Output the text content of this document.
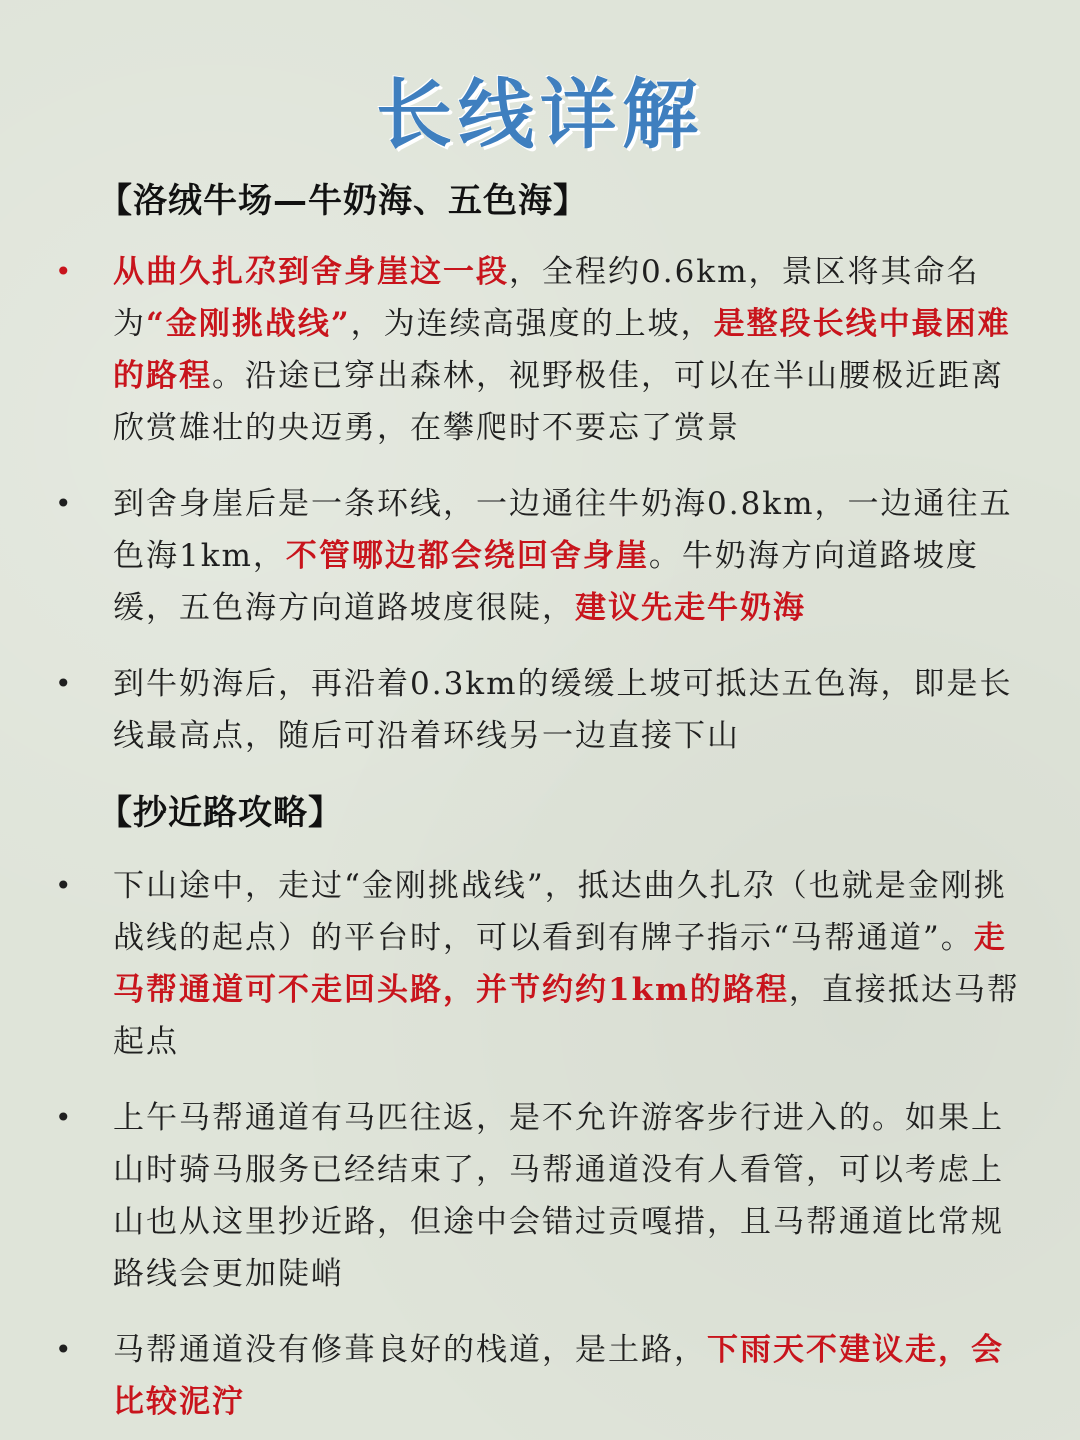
长线详解
【洛绒牛场—牛奶海、五色海】
•	从曲久扎尕到舍身崖这一段，全程约0.6km，景区将其命名为“金刚挑战线”，为连续高强度的上坡，是整段长线中最困难的路程。沿途已穿出森林，视野极佳，可以在半山腰极近距离欣赏雄壮的央迈勇，在攀爬时不要忘了赏景
•	到舍身崖后是一条环线，一边通往牛奶海0.8km，一边通往五色海1km，不管哪边都会绕回舍身崖。牛奶海方向道路坡度缓，五色海方向道路坡度很陡，建议先走牛奶海
•	到牛奶海后，再沿着0.3km的缓缓上坡可抵达五色海，即是长线最高点，随后可沿着环线另一边直接下山
【抄近路攻略】
•	下山途中，走过“金刚挑战线”，抵达曲久扎尕（也就是金刚挑战线的起点）的平台时，可以看到有牌子指示“马帮通道”。走马帮通道可不走回头路，并节约约1km的路程，直接抵达马帮起点
•	上午马帮通道有马匹往返，是不允许游客步行进入的。如果上山时骑马服务已经结束了，马帮通道没有人看管，可以考虑上山也从这里抄近路，但途中会错过贡嘎措，且马帮通道比常规路线会更加陡峭
•	马帮通道没有修葺良好的栈道，是土路，下雨天不建议走，会比较泥泞
